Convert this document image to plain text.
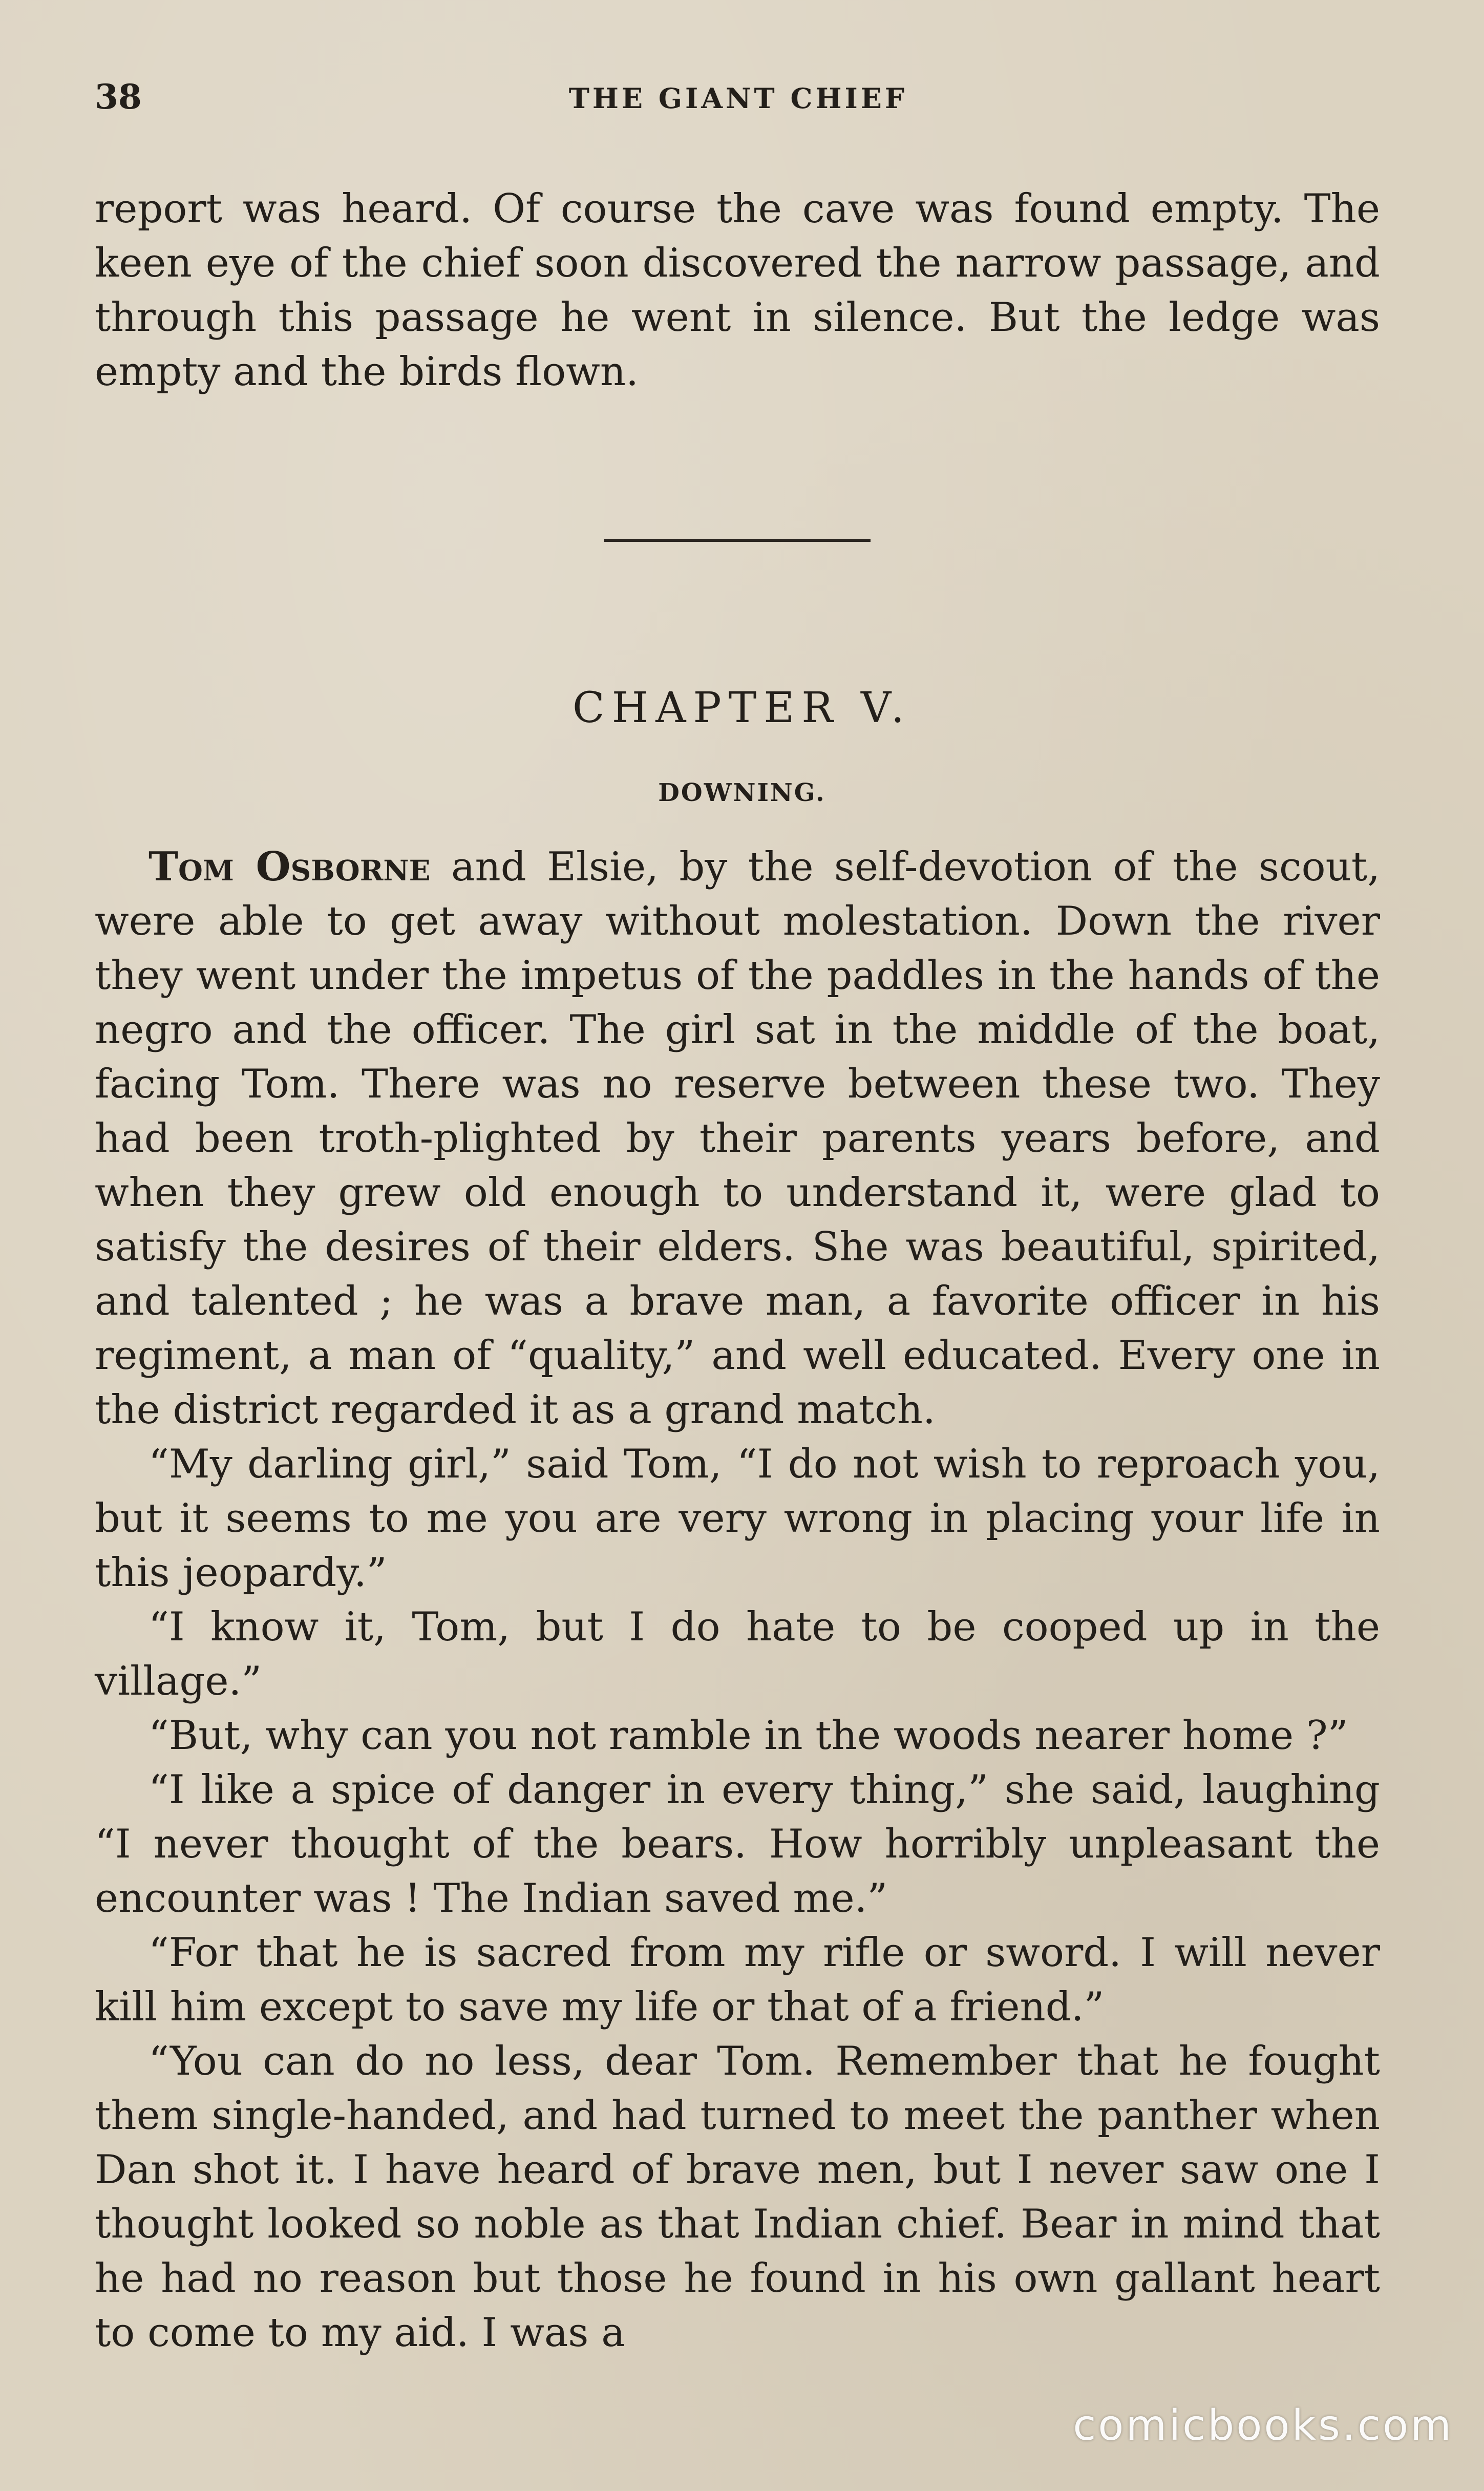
38	THE GIANT CHIEF

report was heard. Of course the cave was found empty. The keen eye of the chief soon discovered the narrow passage, and through this passage he went in silence. But the ledge was empty and the birds flown.

CHAPTER V.
DOWNING.

Tom Osborne and Elsie, by the self-devotion of the scout, were able to get away without molestation. Down the river they went under the impetus of the paddles in the hands of the negro and the officer. The girl sat in the middle of the boat, facing Tom. There was no reserve between these two. They had been troth-plighted by their parents years before, and when they grew old enough to understand it, were glad to satisfy the desires of their elders. She was beautiful, spirited, and talented ; he was a brave man, a favorite officer in his regiment, a man of “quality,” and well educated. Every one in the district regarded it as a grand match.

“My darling girl,” said Tom, “I do not wish to reproach you, but it seems to me you are very wrong in placing your life in this jeopardy.”

“I know it, Tom, but I do hate to be cooped up in the village.”

“But, why can you not ramble in the woods nearer home ?”

“I like a spice of danger in every thing,” she said, laughing “I never thought of the bears. How horribly unpleasant the encounter was ! The Indian saved me.”

“For that he is sacred from my rifle or sword. I will never kill him except to save my life or that of a friend.”

“You can do no less, dear Tom. Remember that he fought them single-handed, and had turned to meet the panther when Dan shot it. I have heard of brave men, but I never saw one I thought looked so noble as that Indian chief. Bear in mind that he had no reason but those he found in his own gallant heart to come to my aid. I was a

comicbooks.com
